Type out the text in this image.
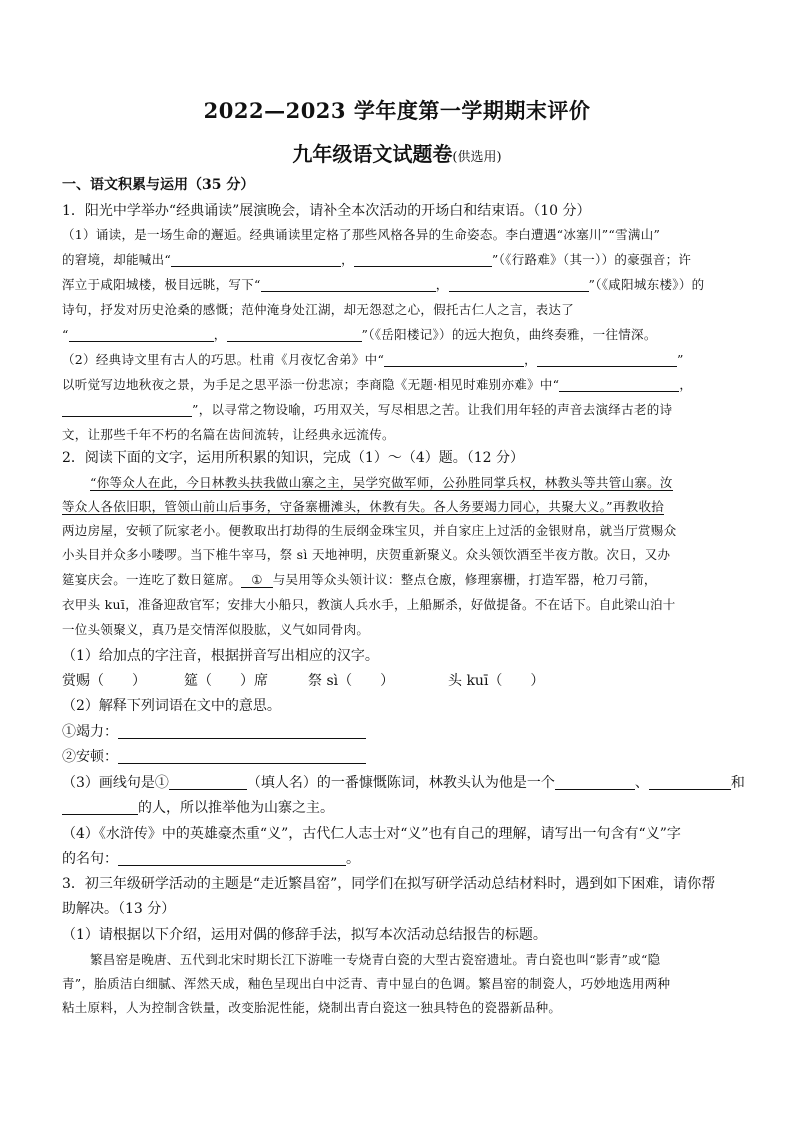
2022—2023 学年度第一学期期末评价
九年级语文试题卷(供选用)
一、语文积累与运用（35 分）
1．阳光中学举办“经典诵读”展演晚会，请补全本次活动的开场白和结束语。（10 分）
（1）诵读，是一场生命的邂逅。经典诵读里定格了那些风格各异的生命姿态。李白遭遇“冰塞川”“雪满山”
的窘境，却能喊出“	，	”（《行路难》（其一））的豪强音；许
浑立于咸阳城楼，极目远眺，写下“	，	”（《咸阳城东楼》）的
诗句，抒发对历史沧桑的感慨；范仲淹身处江湖，却无怨怼之心，假托古仁人之言，表达了
“	，	”（《岳阳楼记》）的远大抱负，曲终奏雅，一往情深。
（2）经典诗文里有古人的巧思。杜甫《月夜忆舍弟》中“	，	”
以听觉写边地秋夜之景，为手足之思平添一份悲凉；李商隐《无题·相见时难别亦难》中“	，
”，以寻常之物设喻，巧用双关，写尽相思之苦。让我们用年轻的声音去演绎古老的诗
文，让那些千年不朽的名篇在齿间流转，让经典永远流传。
2．阅读下面的文字，运用所积累的知识，完成（1）～（4）题。（12 分）
“你等众人在此，今日林教头扶我做山寨之主，吴学究做军师，公孙胜同掌兵权，林教头等共管山寨。汝
等众人各依旧职，管领山前山后事务，守备寨栅滩头，休教有失。各人务要竭力同心，共聚大义。”再教收拾
两边房屋，安顿了阮家老小。便教取出打劫得的生辰纲金珠宝贝，并自家庄上过活的金银财帛，就当厅赏赐众
小头目并众多小喽啰。当下椎牛宰马，祭 sì 天地神明，庆贺重新聚义。众头领饮酒至半夜方散。次日，又办
筵宴庆会。一连吃了数日筵席。 ① 与吴用等众头领计议：整点仓廒，修理寨栅，打造军器，枪刀弓箭，
衣甲头 kuī，准备迎敌官军；安排大小船只，教演人兵水手，上船厮杀，好做提备。不在话下。自此梁山泊十
一位头领聚义，真乃是交情浑似股肱，义气如同骨肉。
（1）给加点的字注音，根据拼音写出相应的汉字。
赏赐（　　）	筵（　　）席	祭 sì（　　）	头 kuī（　　）
（2）解释下列词语在文中的意思。
①竭力：
②安顿：
（3）画线句是①	（填人名）的一番慷慨陈词，林教头认为他是一个	、	和
的人，所以推举他为山寨之主。
（4）《水浒传》中的英雄豪杰重“义”，古代仁人志士对“义”也有自己的理解，请写出一句含有“义”字
的名句：	。
3．初三年级研学活动的主题是“走近繁昌窑”，同学们在拟写研学活动总结材料时，遇到如下困难，请你帮
助解决。（13 分）
（1）请根据以下介绍，运用对偶的修辞手法，拟写本次活动总结报告的标题。
繁昌窑是晚唐、五代到北宋时期长江下游唯一专烧青白瓷的大型古瓷窑遗址。青白瓷也叫“影青”或“隐
青”，胎质洁白细腻、浑然天成，釉色呈现出白中泛青、青中显白的色调。繁昌窑的制瓷人，巧妙地选用两种
粘土原料，人为控制含铁量，改变胎泥性能，烧制出青白瓷这一独具特色的瓷器新品种。
